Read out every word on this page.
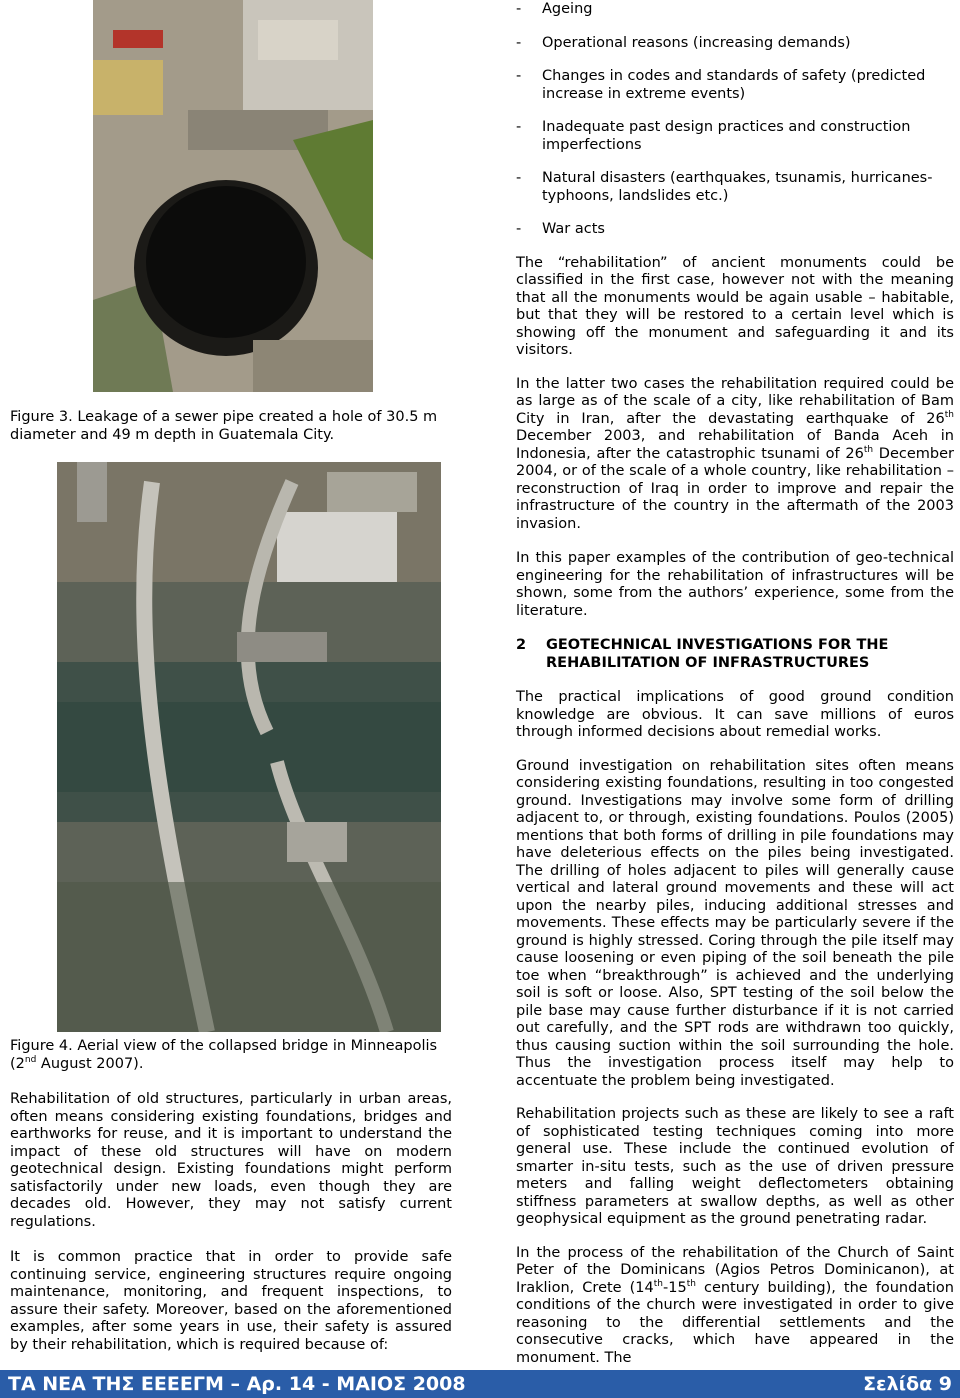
Figure 3. Leakage of a sewer pipe created a hole of 30.5 m diameter and 49 m depth in Guatemala City.
Figure 4. Aerial view of the collapsed bridge in Minneapolis (2nd August 2007).

Rehabilitation of old structures, particularly in urban areas, often means considering existing foundations, bridges and earthworks for reuse, and it is important to understand the impact of these old structures will have on modern geotechnical design. Existing foundations might perform satisfactorily under new loads, even though they are decades old. However, they may not satisfy current regulations.

It is common practice that in order to provide safe continuing service, engineering structures require ongoing maintenance, monitoring, and frequent inspections, to assure their safety. Moreover, based on the aforementioned examples, after some years in use, their safety is assured by their rehabilitation, which is required because of:

- Ageing
- Operational reasons (increasing demands)
- Changes in codes and standards of safety (predicted increase in extreme events)
- Inadequate past design practices and construction imperfections
- Natural disasters (earthquakes, tsunamis, hurricanes-typhoons, landslides etc.)
- War acts

The “rehabilitation” of ancient monuments could be classified in the first case, however not with the meaning that all the monuments would be again usable – habitable, but that they will be restored to a certain level which is showing off the monument and safeguarding it and its visitors.

In the latter two cases the rehabilitation required could be as large as of the scale of a city, like rehabilitation of Bam City in Iran, after the devastating earthquake of 26th December 2003, and rehabilitation of Banda Aceh in Indonesia, after the catastrophic tsunami of 26th December 2004, or of the scale of a whole country, like rehabilitation – reconstruction of Iraq in order to improve and repair the infrastructure of the country in the aftermath of the 2003 invasion.

In this paper examples of the contribution of geo-technical engineering for the rehabilitation of infrastructures will be shown, some from the authors’ experience, some from the literature.

2	GEOTECHNICAL INVESTIGATIONS FOR THE REHABILITATION OF INFRASTRUCTURES

The practical implications of good ground condition knowledge are obvious. It can save millions of euros through informed decisions about remedial works.

Ground investigation on rehabilitation sites often means considering existing foundations, resulting in too congested ground. Investigations may involve some form of drilling adjacent to, or through, existing foundations. Poulos (2005) mentions that both forms of drilling in pile foundations may have deleterious effects on the piles being investigated. The drilling of holes adjacent to piles will generally cause vertical and lateral ground movements and these will act upon the nearby piles, inducing additional stresses and movements. These effects may be particularly severe if the ground is highly stressed. Coring through the pile itself may cause loosening or even piping of the soil beneath the pile toe when “breakthrough” is achieved and the underlying soil is soft or loose. Also, SPT testing of the soil below the pile base may cause further disturbance if it is not carried out carefully, and the SPT rods are withdrawn too quickly, thus causing suction within the soil surrounding the hole. Thus the investigation process itself may help to accentuate the problem being investigated.

Rehabilitation projects such as these are likely to see a raft of sophisticated testing techniques coming into more general use. These include the continued evolution of smarter in-situ tests, such as the use of driven pressure meters and falling weight deflectometers obtaining stiffness parameters at swallow depths, as well as other geophysical equipment as the ground penetrating radar.

In the process of the rehabilitation of the Church of Saint Peter of the Dominicans (Agios Petros Dominicanon), at Iraklion, Crete (14th-15th century building), the foundation conditions of the church were investigated in order to give reasoning to the differential settlements and the consecutive cracks, which have appeared in the monument. The

ΤΑ ΝΕΑ ΤΗΣ ΕΕΕΕΓΜ – Αρ. 14 - ΜΑΙΟΣ 2008	Σελίδα 9
